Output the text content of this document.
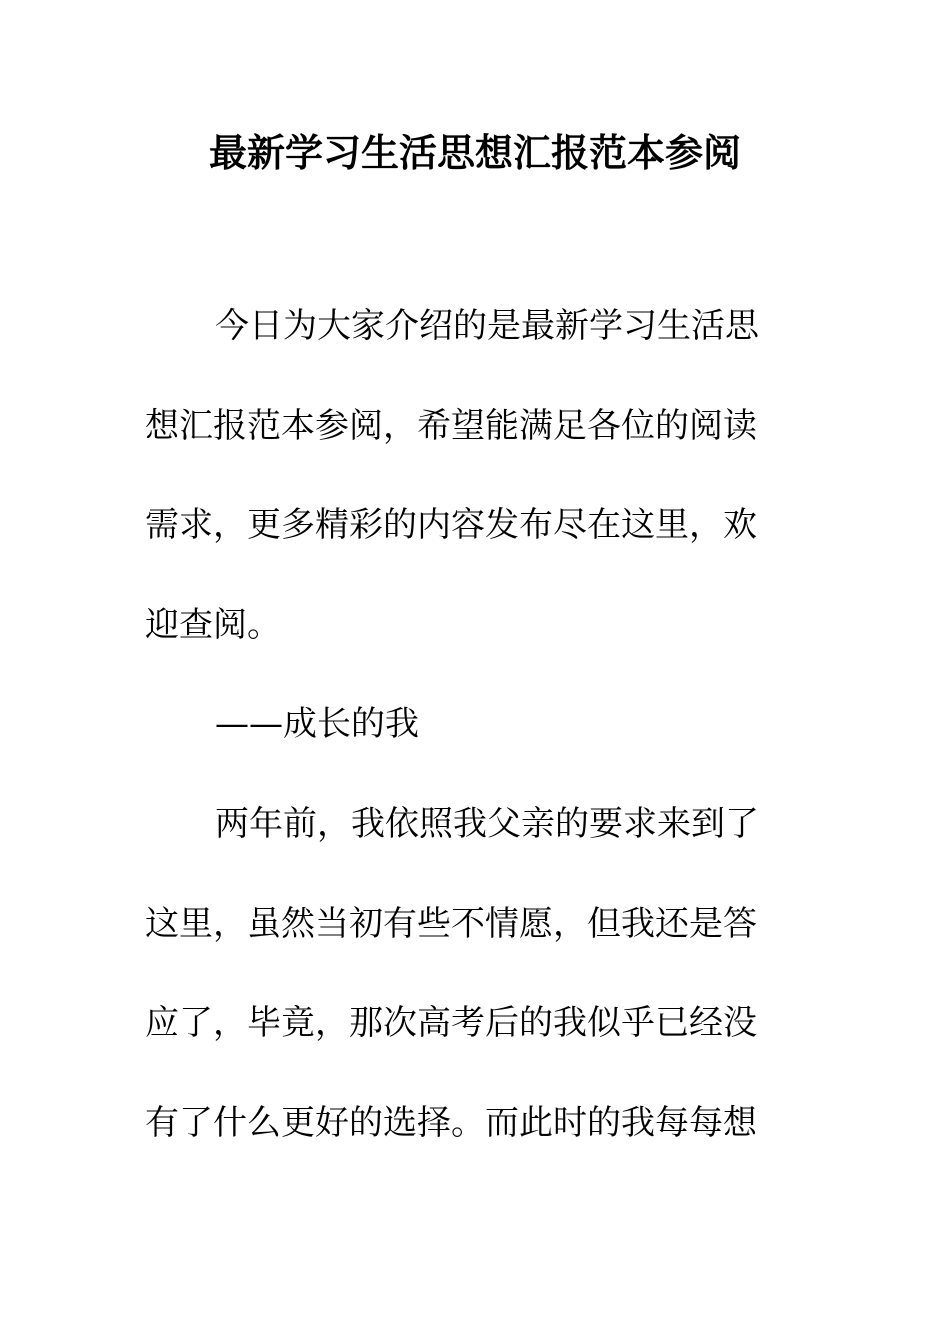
最新学习生活思想汇报范本参阅
今日为大家介绍的是最新学习生活思
想汇报范本参阅，希望能满足各位的阅读
需求，更多精彩的内容发布尽在这里，欢
迎查阅。
——成长的我
两年前，我依照我父亲的要求来到了
这里，虽然当初有些不情愿，但我还是答
应了，毕竟，那次高考后的我似乎已经没
有了什么更好的选择。而此时的我每每想
